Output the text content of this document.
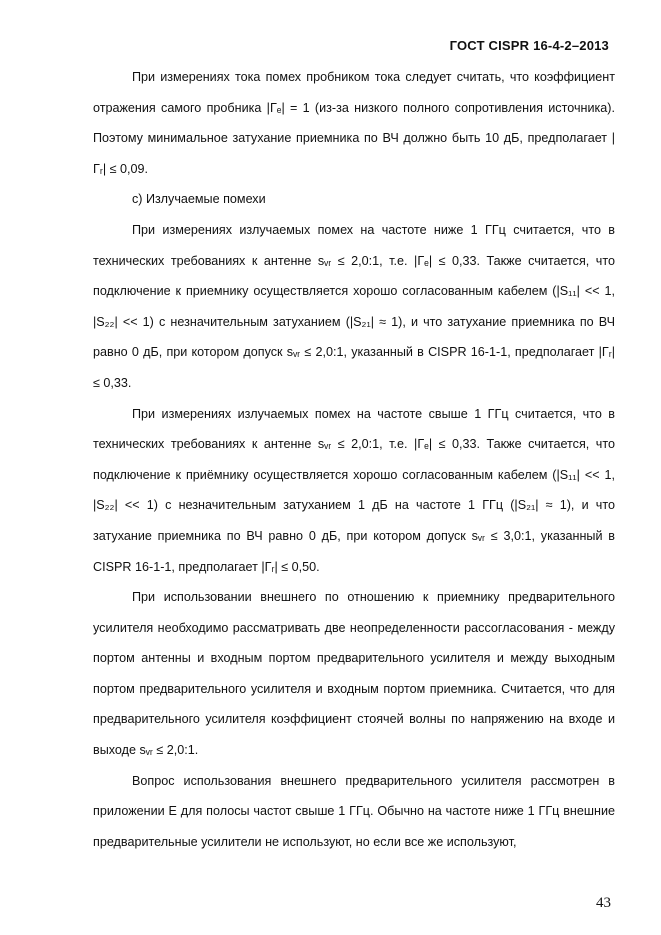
ГОСТ CISPR 16-4-2–2013

При измерениях тока помех пробником тока следует считать, что коэффициент отражения самого пробника |Гₑ| = 1 (из-за низкого полного сопротивления источника). Поэтому минимальное затухание приемника по ВЧ должно быть 10 дБ, предполагает |Гᵣ| ≤ 0,09.

с) Излучаемые помехи

При измерениях излучаемых помех на частоте ниже 1 ГГц считается, что в технических требованиях к антенне sᵥᵣ ≤ 2,0:1, т.е. |Гₑ| ≤ 0,33. Также считается, что подключение к приемнику осуществляется хорошо согласованным кабелем (|S₁₁| << 1, |S₂₂| << 1) с незначительным затуханием (|S₂₁| ≈ 1), и что затухание приемника по ВЧ равно 0 дБ, при котором допуск sᵥᵣ ≤ 2,0:1, указанный в CISPR 16-1-1, предполагает |Гᵣ| ≤ 0,33.

При измерениях излучаемых помех на частоте свыше 1 ГГц считается, что в технических требованиях к антенне sᵥᵣ ≤ 2,0:1, т.е. |Гₑ| ≤ 0,33. Также считается, что подключение к приёмнику осуществляется хорошо согласованным кабелем (|S₁₁| << 1, |S₂₂| << 1) с незначительным затуханием 1 дБ на частоте 1 ГГц (|S₂₁| ≈ 1), и что затухание приемника по ВЧ равно 0 дБ, при котором допуск sᵥᵣ ≤ 3,0:1, указанный в CISPR 16-1-1, предполагает |Гᵣ| ≤ 0,50.

При использовании внешнего по отношению к приемнику предварительного усилителя необходимо рассматривать две неопределенности рассогласования - между портом антенны и входным портом предварительного усилителя и между выходным портом предварительного усилителя и входным портом приемника. Считается, что для предварительного усилителя коэффициент стоячей волны по напряжению на входе и выходе sᵥᵣ ≤ 2,0:1.

Вопрос использования внешнего предварительного усилителя рассмотрен в приложении Е для полосы частот свыше 1 ГГц. Обычно на частоте ниже 1 ГГц внешние предварительные усилители не используют, но если все же используют,

43
